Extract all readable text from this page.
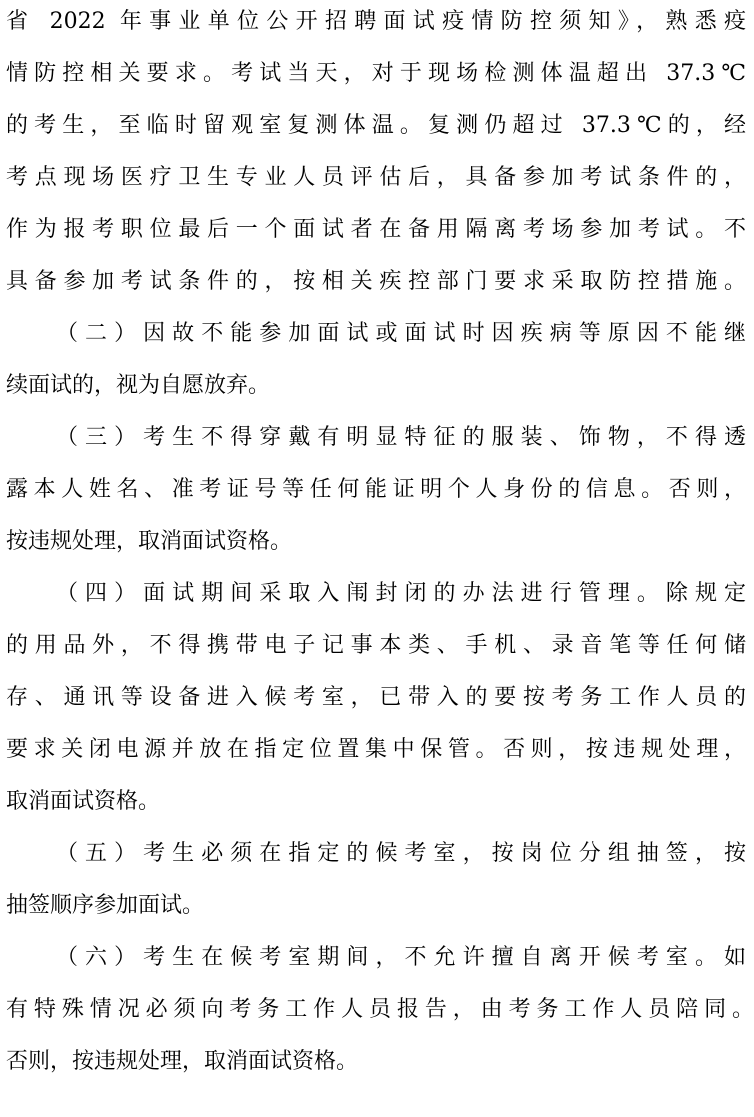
省 2022 年事业单位公开招聘面试疫情防控须知》，熟悉疫
情防控相关要求。考试当天，对于现场检测体温超出 37.3℃
的考生，至临时留观室复测体温。复测仍超过 37.3℃的，经
考点现场医疗卫生专业人员评估后，具备参加考试条件的，
作为报考职位最后一个面试者在备用隔离考场参加考试。不
具备参加考试条件的，按相关疾控部门要求采取防控措施。
（二）因故不能参加面试或面试时因疾病等原因不能继
续面试的，视为自愿放弃。
（三）考生不得穿戴有明显特征的服装、饰物，不得透
露本人姓名、准考证号等任何能证明个人身份的信息。否则，
按违规处理，取消面试资格。
（四）面试期间采取入闱封闭的办法进行管理。除规定
的用品外，不得携带电子记事本类、手机、录音笔等任何储
存、通讯等设备进入候考室，已带入的要按考务工作人员的
要求关闭电源并放在指定位置集中保管。否则，按违规处理，
取消面试资格。
（五）考生必须在指定的候考室，按岗位分组抽签，按
抽签顺序参加面试。
（六）考生在候考室期间，不允许擅自离开候考室。如
有特殊情况必须向考务工作人员报告，由考务工作人员陪同。
否则，按违规处理，取消面试资格。
